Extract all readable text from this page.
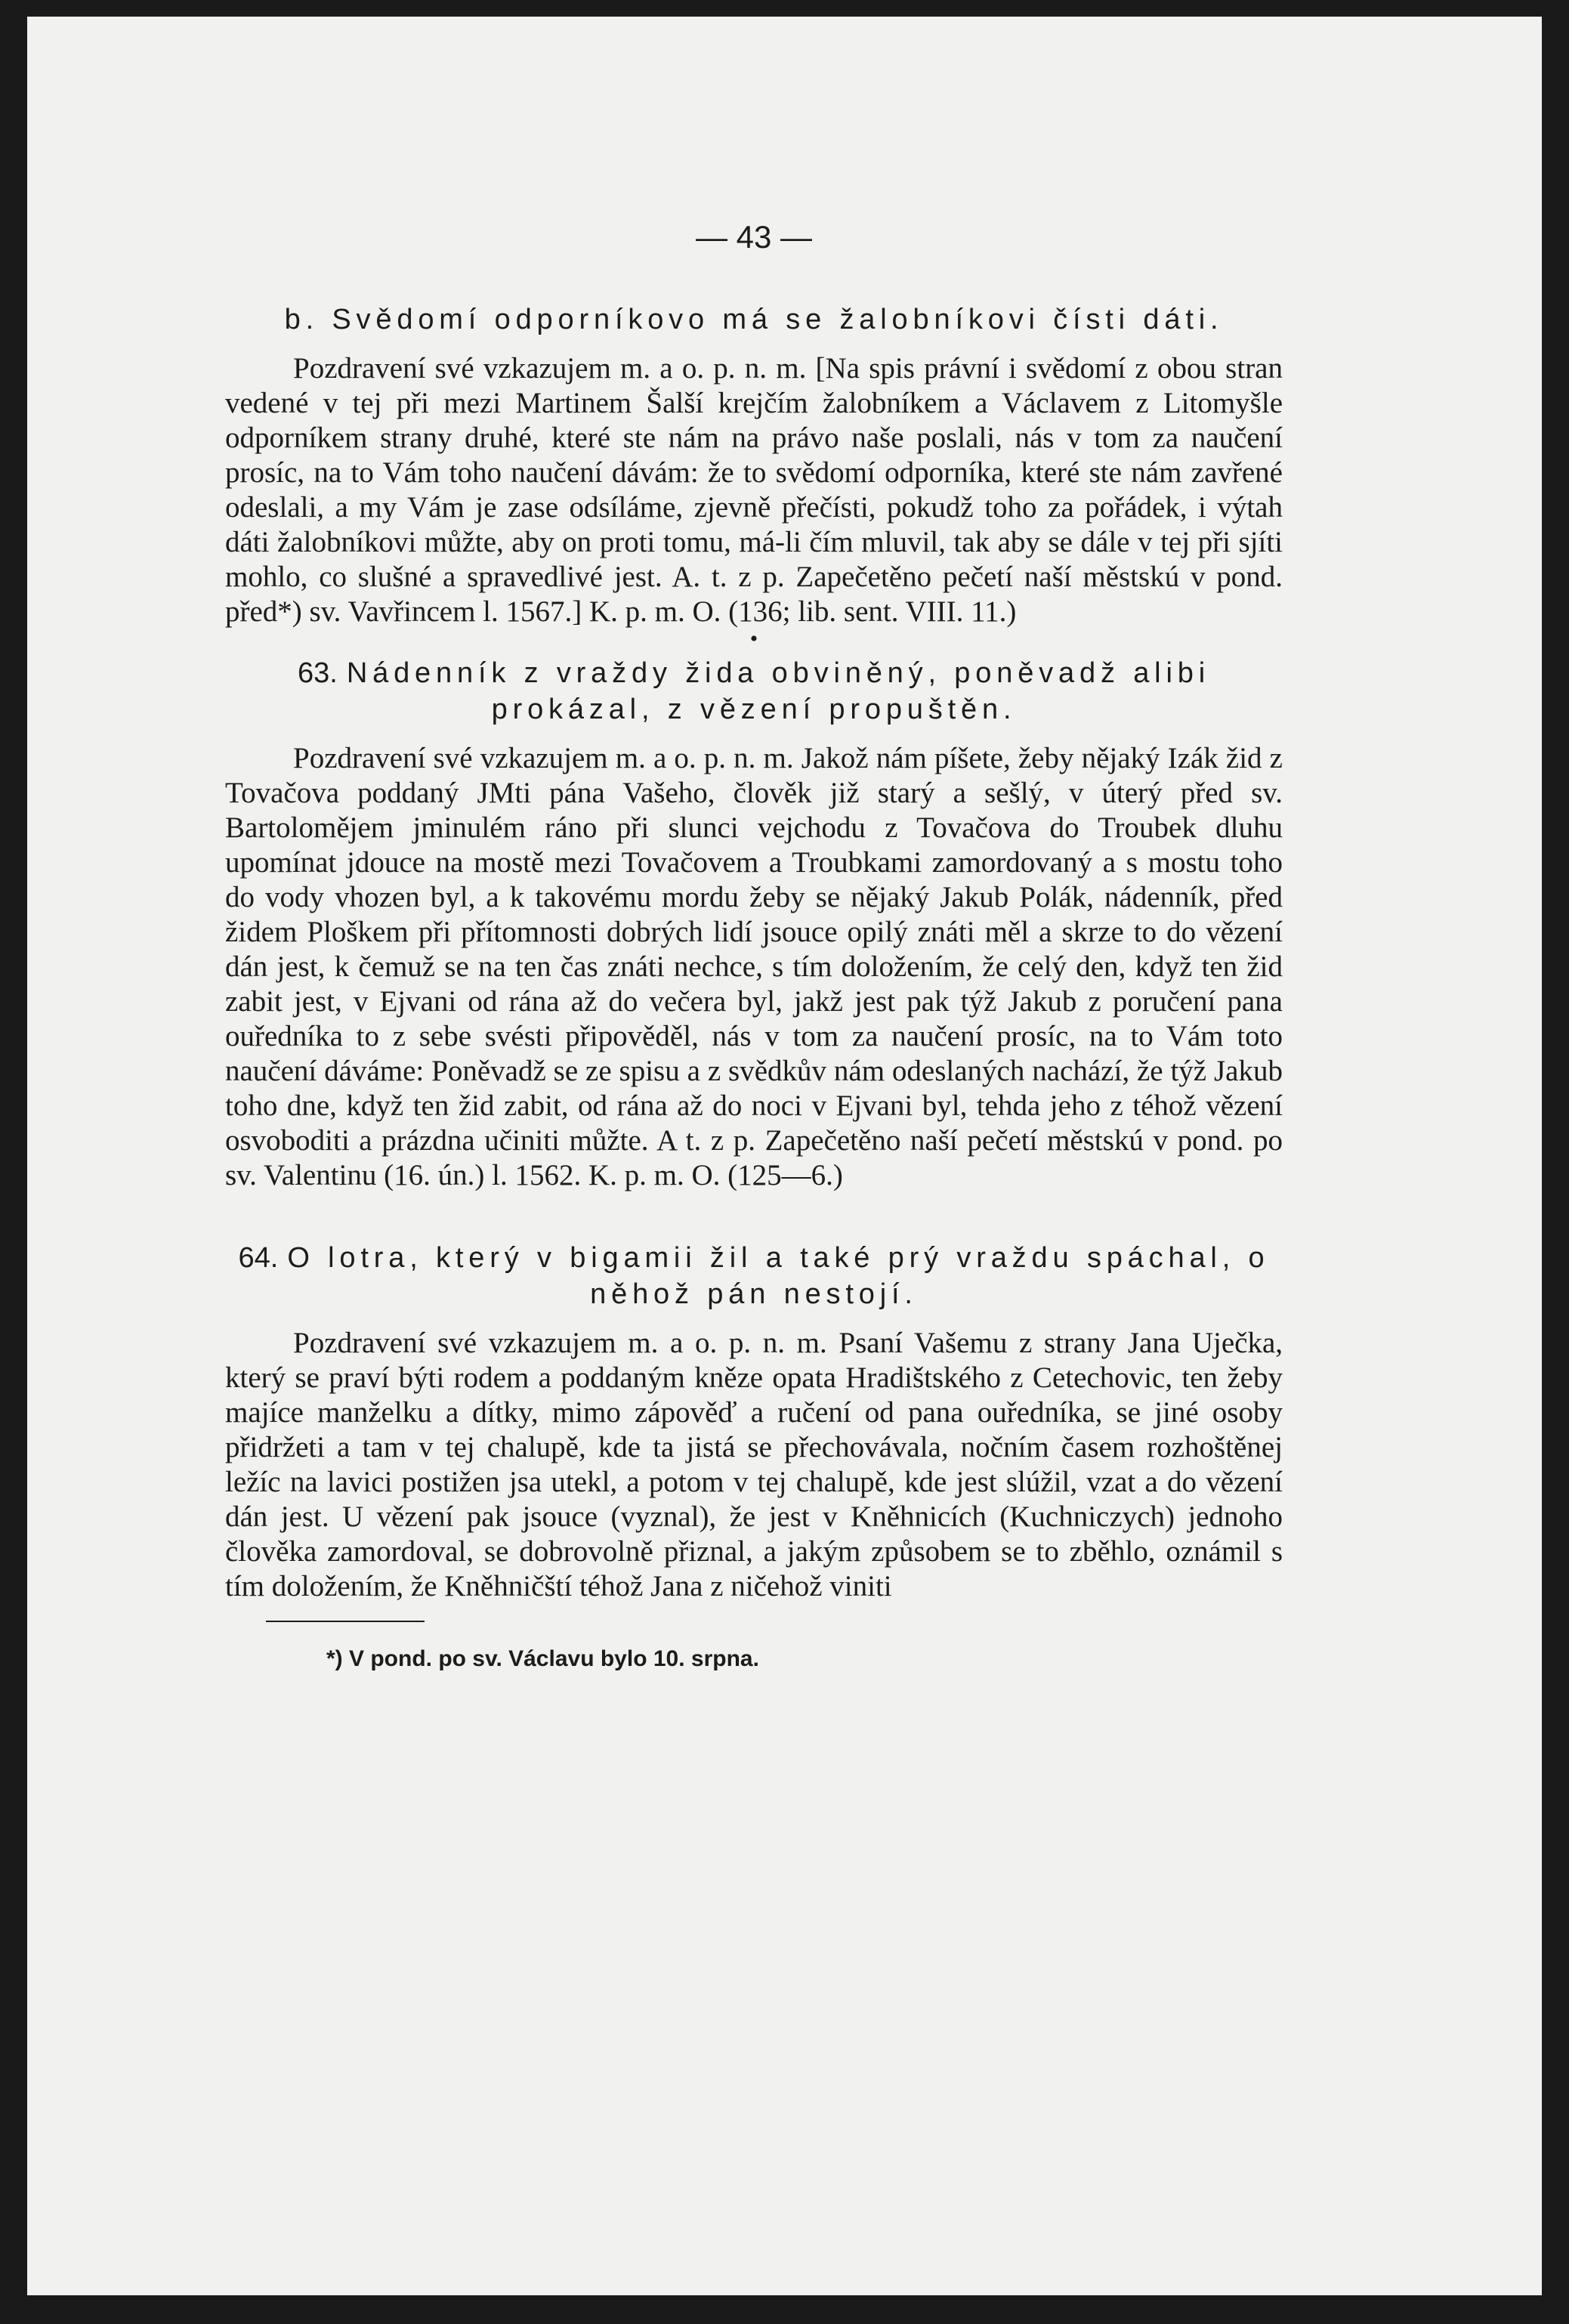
— 43 —
b. Svědomí odporníkovo má se žalobníkovi čísti dáti.

Pozdravení své vzkazujem m. a o. p. n. m. [Na spis právní i svědomí z obou stran vedené v tej při mezi Martinem Šalší krejčím žalobníkem a Václavem z Litomyšle odporníkem strany druhé, které ste nám na právo naše poslali, nás v tom za naučení prosíc, na to Vám toho naučení dávám: že to svědomí odporníka, které ste nám zavřené odeslali, a my Vám je zase odsíláme, zjevně přečísti, pokudž toho za pořádek, i výtah dáti žalobníkovi můžte, aby on proti tomu, má-li čím mluvil, tak aby se dále v tej při sjíti mohlo, co slušné a spravedlivé jest. A. t. z p. Zapečetěno pečetí naší městskú v pond. před*) sv. Vavřincem l. 1567.] K. p. m. O. (136; lib. sent. VIII. 11.)

•
63. Nádenník z vraždy žida obviněný, poněvadž alibi prokázal, z vězení propuštěn.

Pozdravení své vzkazujem m. a o. p. n. m. Jakož nám píšete, žeby nějaký Izák žid z Tovačova poddaný JMti pána Vašeho, člověk již starý a sešlý, v úterý před sv. Bartolomějem jminulém ráno při slunci vejchodu z Tovačova do Troubek dluhu upomínat jdouce na mostě mezi Tovačovem a Troubkami zamordovaný a s mostu toho do vody vhozen byl, a k takovému mordu žeby se nějaký Jakub Polák, nádenník, před židem Ploškem při přítomnosti dobrých lidí jsouce opilý znáti měl a skrze to do vězení dán jest, k čemuž se na ten čas znáti nechce, s tím doložením, že celý den, když ten žid zabit jest, v Ejvani od rána až do večera byl, jakž jest pak týž Jakub z poručení pana ouředníka to z sebe svésti připověděl, nás v tom za naučení prosíc, na to Vám toto naučení dáváme: Poněvadž se ze spisu a z svědkův nám odeslaných nachází, že týž Jakub toho dne, když ten žid zabit, od rána až do noci v Ejvani byl, tehda jeho z téhož vězení osvoboditi a prázdna učiniti můžte. A t. z p. Zapečetěno naší pečetí městskú v pond. po sv. Valentinu (16. ún.) l. 1562. K. p. m. O. (125—6.)

64. O lotra, který v bigamii žil a také prý vraždu spáchal, o něhož pán nestojí.

Pozdravení své vzkazujem m. a o. p. n. m. Psaní Vašemu z strany Jana Uječka, který se praví býti rodem a poddaným kněze opata Hradištského z Cetechovic, ten žeby majíce manželku a dítky, mimo zápověď a ručení od pana ouředníka, se jiné osoby přidržeti a tam v tej chalupě, kde ta jistá se přechovávala, nočním časem rozhoštěnej ležíc na lavici postižen jsa utekl, a potom v tej chalupě, kde jest slúžil, vzat a do vězení dán jest. U vězení pak jsouce (vyznal), že jest v Kněhnicích (Kuchniczych) jednoho člověka zamordoval, se dobrovolně přiznal, a jakým způsobem se to zběhlo, oznámil s tím doložením, že Kněhničští téhož Jana z ničehož viniti

*) V pond. po sv. Václavu bylo 10. srpna.
